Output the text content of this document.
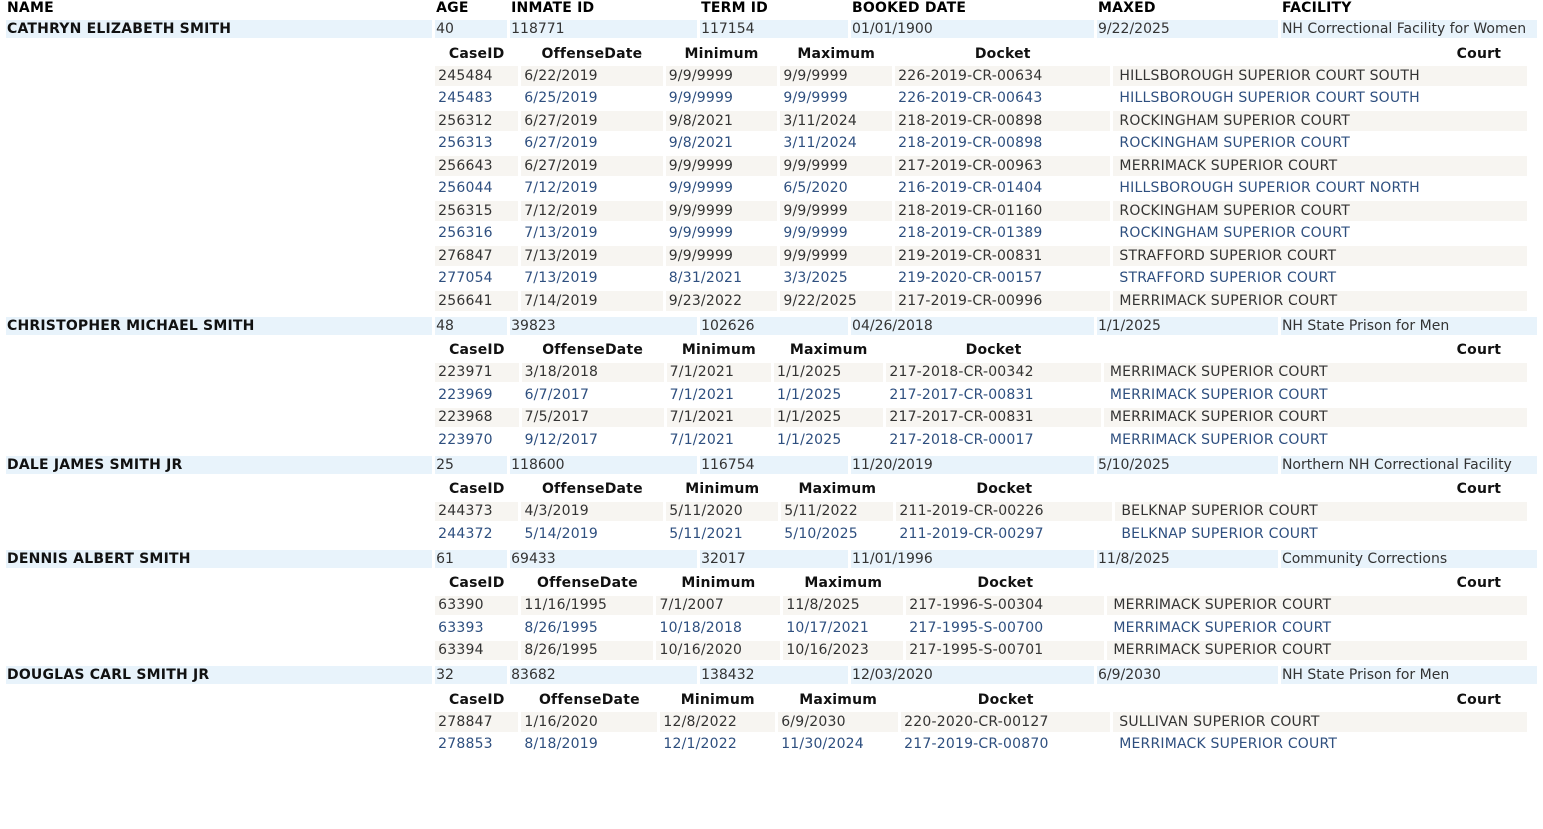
NAME	AGE	INMATE ID	TERM ID	BOOKED DATE	MAXED	FACILITY
CATHRYN ELIZABETH SMITH	40	118771	117154	01/01/1900	9/22/2025	NH Correctional Facility for Women

CaseID	OffenseDate	Minimum	Maximum	Docket	Court
245484	6/22/2019	9/9/9999	9/9/9999	226-2019-CR-00634	HILLSBOROUGH SUPERIOR COURT SOUTH
245483	6/25/2019	9/9/9999	9/9/9999	226-2019-CR-00643	HILLSBOROUGH SUPERIOR COURT SOUTH
256312	6/27/2019	9/8/2021	3/11/2024	218-2019-CR-00898	ROCKINGHAM SUPERIOR COURT
256313	6/27/2019	9/8/2021	3/11/2024	218-2019-CR-00898	ROCKINGHAM SUPERIOR COURT
256643	6/27/2019	9/9/9999	9/9/9999	217-2019-CR-00963	MERRIMACK SUPERIOR COURT
256044	7/12/2019	9/9/9999	6/5/2020	216-2019-CR-01404	HILLSBOROUGH SUPERIOR COURT NORTH
256315	7/12/2019	9/9/9999	9/9/9999	218-2019-CR-01160	ROCKINGHAM SUPERIOR COURT
256316	7/13/2019	9/9/9999	9/9/9999	218-2019-CR-01389	ROCKINGHAM SUPERIOR COURT
276847	7/13/2019	9/9/9999	9/9/9999	219-2019-CR-00831	STRAFFORD SUPERIOR COURT
277054	7/13/2019	8/31/2021	3/3/2025	219-2020-CR-00157	STRAFFORD SUPERIOR COURT
256641	7/14/2019	9/23/2022	9/22/2025	217-2019-CR-00996	MERRIMACK SUPERIOR COURT

CHRISTOPHER MICHAEL SMITH	48	39823	102626	04/26/2018	1/1/2025	NH State Prison for Men

CaseID	OffenseDate	Minimum	Maximum	Docket	Court
223971	3/18/2018	7/1/2021	1/1/2025	217-2018-CR-00342	MERRIMACK SUPERIOR COURT
223969	6/7/2017	7/1/2021	1/1/2025	217-2017-CR-00831	MERRIMACK SUPERIOR COURT
223968	7/5/2017	7/1/2021	1/1/2025	217-2017-CR-00831	MERRIMACK SUPERIOR COURT
223970	9/12/2017	7/1/2021	1/1/2025	217-2018-CR-00017	MERRIMACK SUPERIOR COURT

DALE JAMES SMITH JR	25	118600	116754	11/20/2019	5/10/2025	Northern NH Correctional Facility

CaseID	OffenseDate	Minimum	Maximum	Docket	Court
244373	4/3/2019	5/11/2020	5/11/2022	211-2019-CR-00226	BELKNAP SUPERIOR COURT
244372	5/14/2019	5/11/2021	5/10/2025	211-2019-CR-00297	BELKNAP SUPERIOR COURT

DENNIS ALBERT SMITH	61	69433	32017	11/01/1996	11/8/2025	Community Corrections

CaseID	OffenseDate	Minimum	Maximum	Docket	Court
63390	11/16/1995	7/1/2007	11/8/2025	217-1996-S-00304	MERRIMACK SUPERIOR COURT
63393	8/26/1995	10/18/2018	10/17/2021	217-1995-S-00700	MERRIMACK SUPERIOR COURT
63394	8/26/1995	10/16/2020	10/16/2023	217-1995-S-00701	MERRIMACK SUPERIOR COURT

DOUGLAS CARL SMITH JR	32	83682	138432	12/03/2020	6/9/2030	NH State Prison for Men

CaseID	OffenseDate	Minimum	Maximum	Docket	Court
278847	1/16/2020	12/8/2022	6/9/2030	220-2020-CR-00127	SULLIVAN SUPERIOR COURT
278853	8/18/2019	12/1/2022	11/30/2024	217-2019-CR-00870	MERRIMACK SUPERIOR COURT
